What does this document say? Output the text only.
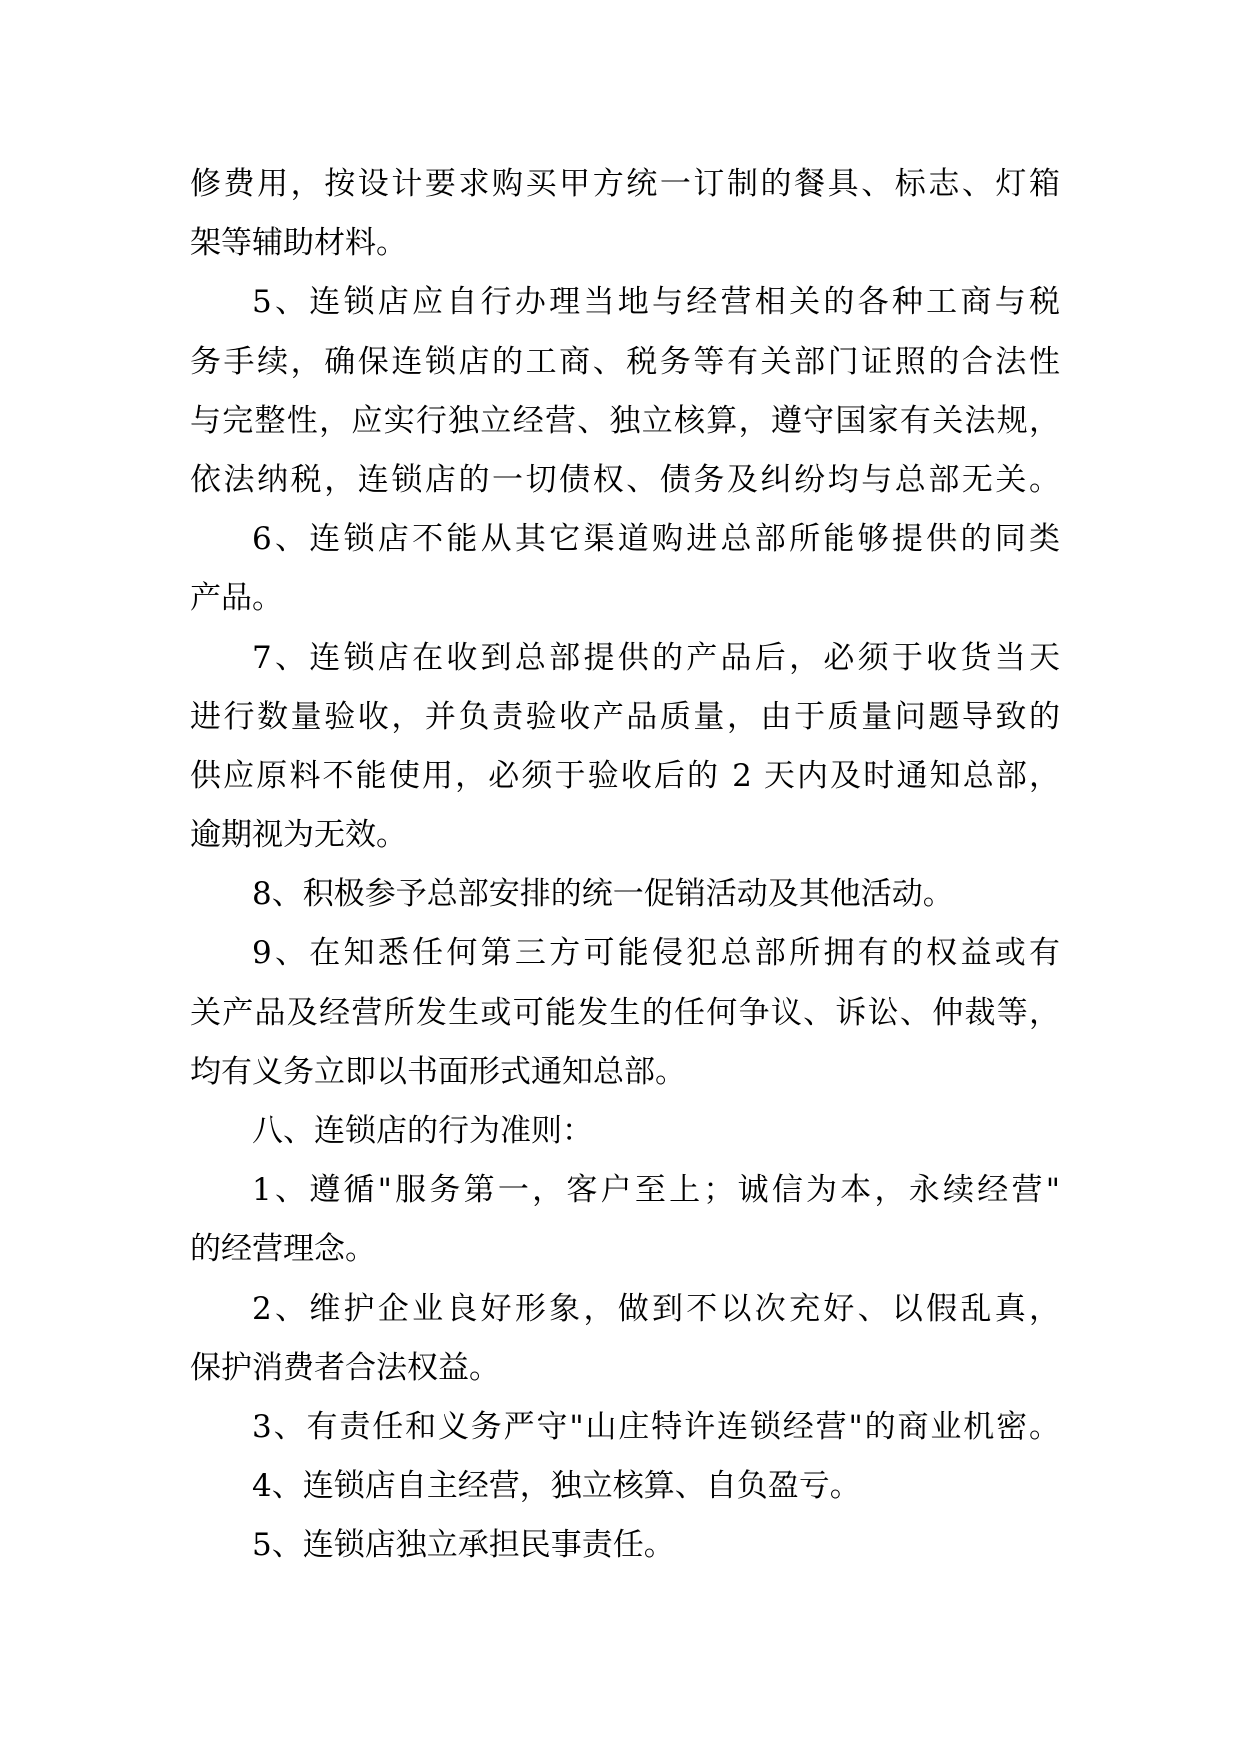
修费用，按设计要求购买甲方统一订制的餐具、标志、灯箱
架等辅助材料。
5、连锁店应自行办理当地与经营相关的各种工商与税
务手续，确保连锁店的工商、税务等有关部门证照的合法性
与完整性，应实行独立经营、独立核算，遵守国家有关法规，
依法纳税，连锁店的一切债权、债务及纠纷均与总部无关。
6、连锁店不能从其它渠道购进总部所能够提供的同类
产品。
7、连锁店在收到总部提供的产品后，必须于收货当天
进行数量验收，并负责验收产品质量，由于质量问题导致的
供应原料不能使用，必须于验收后的 2 天内及时通知总部，
逾期视为无效。
8、积极参予总部安排的统一促销活动及其他活动。
9、在知悉任何第三方可能侵犯总部所拥有的权益或有
关产品及经营所发生或可能发生的任何争议、诉讼、仲裁等，
均有义务立即以书面形式通知总部。
八、连锁店的行为准则：
1、遵循"服务第一，客户至上；诚信为本，永续经营"
的经营理念。
2、维护企业良好形象，做到不以次充好、以假乱真，
保护消费者合法权益。
3、有责任和义务严守"山庄特许连锁经营"的商业机密。
4、连锁店自主经营，独立核算、自负盈亏。
5、连锁店独立承担民事责任。
